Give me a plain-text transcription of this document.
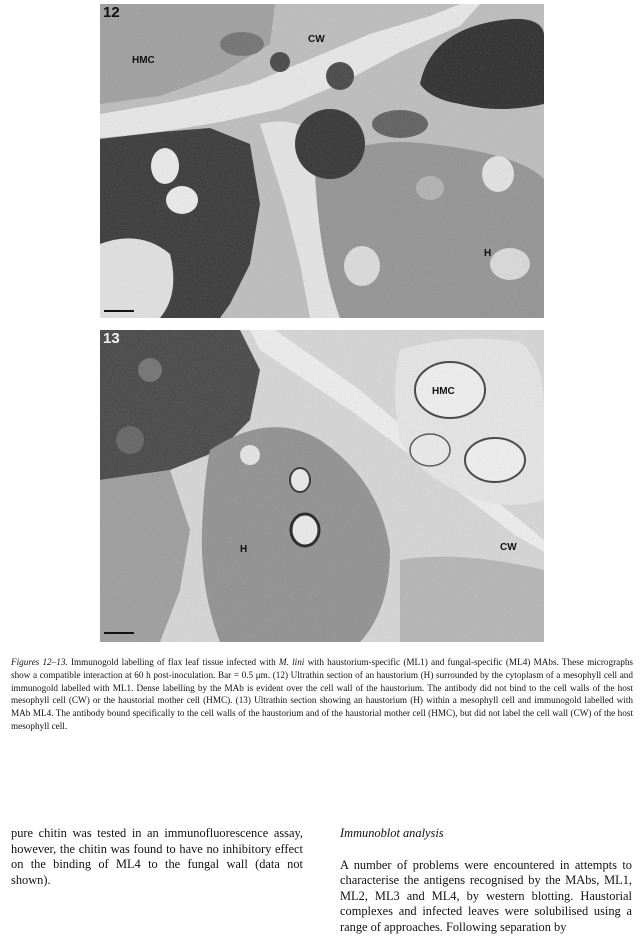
12
HMC
CW
H
13
HMC
CW
H
Figures 12–13. Immunogold labelling of flax leaf tissue infected with M. lini with haustorium-specific (ML1) and fungal-specific (ML4) MAbs. These micrographs show a compatible interaction at 60 h post-inoculation. Bar = 0.5 μm. (12) Ultrathin section of an haustorium (H) surrounded by the cytoplasm of a mesophyll cell and immunogold labelled with ML1. Dense labelling by the MAb is evident over the cell wall of the haustorium. The antibody did not bind to the cell walls of the host mesophyll cell (CW) or the haustorial mother cell (HMC). (13) Ultrathin section showing an haustorium (H) within a mesophyll cell and immunogold labelled with MAb ML4. The antibody bound specifically to the cell walls of the haustorium and of the haustorial mother cell (HMC), but did not label the cell wall (CW) of the host mesophyll cell.

pure chitin was tested in an immunofluorescence assay, however, the chitin was found to have no inhibitory effect on the binding of ML4 to the fungal wall (data not shown).

Immunoblot analysis

A number of problems were encountered in attempts to characterise the antigens recognised by the MAbs, ML1, ML2, ML3 and ML4, by western blotting. Haustorial complexes and infected leaves were solubilised using a range of approaches. Following separation by
